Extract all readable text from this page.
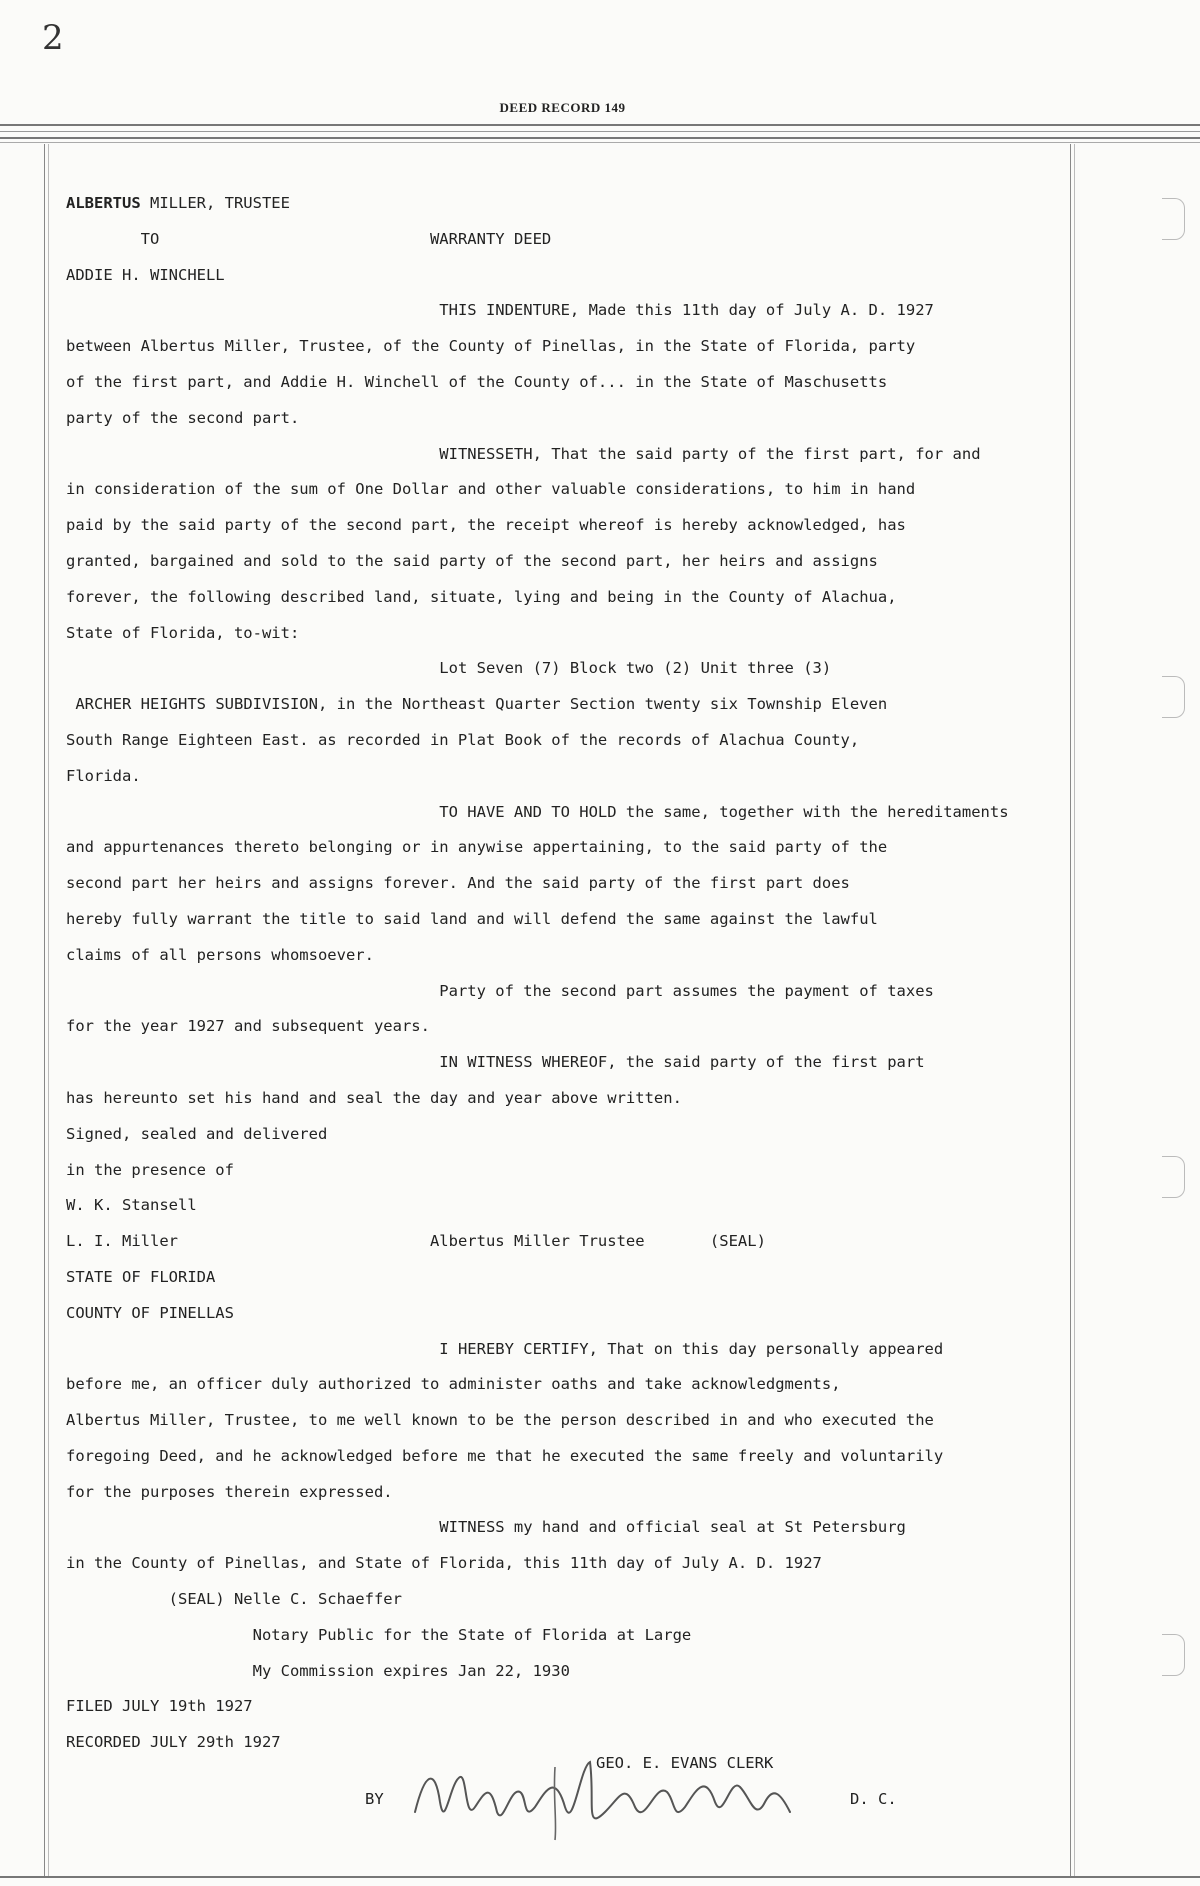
2
DEED RECORD 149
ALBERTUS MILLER, TRUSTEE
TO	WARRANTY DEED
ADDIE H. WINCHELL
THIS INDENTURE, Made this 11th day of July A. D. 1927
between Albertus Miller, Trustee, of the County of Pinellas, in the State of Florida, party
of the first part, and Addie H. Winchell of the County of... in the State of Maschusetts
party of the second part.
WITNESSETH, That the said party of the first part, for and
in consideration of the sum of One Dollar and other valuable considerations, to him in hand
paid by the said party of the second part, the receipt whereof is hereby acknowledged, has
granted, bargained and sold to the said party of the second part, her heirs and assigns
forever, the following described land, situate, lying and being in the County of Alachua,
State of Florida, to-wit:
Lot Seven (7) Block two (2) Unit three (3)
ARCHER HEIGHTS SUBDIVISION, in the Northeast Quarter Section twenty six Township Eleven
South Range Eighteen East. as recorded in Plat Book of the records of Alachua County,
Florida.
TO HAVE AND TO HOLD the same, together with the hereditaments
and appurtenances thereto belonging or in anywise appertaining, to the said party of the
second part her heirs and assigns forever. And the said party of the first part does
hereby fully warrant the title to said land and will defend the same against the lawful
claims of all persons whomsoever.
Party of the second part assumes the payment of taxes
for the year 1927 and subsequent years.
IN WITNESS WHEREOF, the said party of the first part
has hereunto set his hand and seal the day and year above written.
Signed, sealed and delivered
in the presence of
W. K. Stansell
L. I. Miller	Albertus Miller Trustee	(SEAL)
STATE OF FLORIDA
COUNTY OF PINELLAS
I HEREBY CERTIFY, That on this day personally appeared
before me, an officer duly authorized to administer oaths and take acknowledgments,
Albertus Miller, Trustee, to me well known to be the person described in and who executed the
foregoing Deed, and he acknowledged before me that he executed the same freely and voluntarily
for the purposes therein expressed.
WITNESS my hand and official seal at St Petersburg
in the County of Pinellas, and State of Florida, this 11th day of July A. D. 1927
(SEAL) Nelle C. Schaeffer
Notary Public for the State of Florida at Large
My Commission expires Jan 22, 1930
FILED JULY 19th 1927
RECORDED JULY 29th 1927
GEO. E. EVANS CLERK
BY	D. C.
